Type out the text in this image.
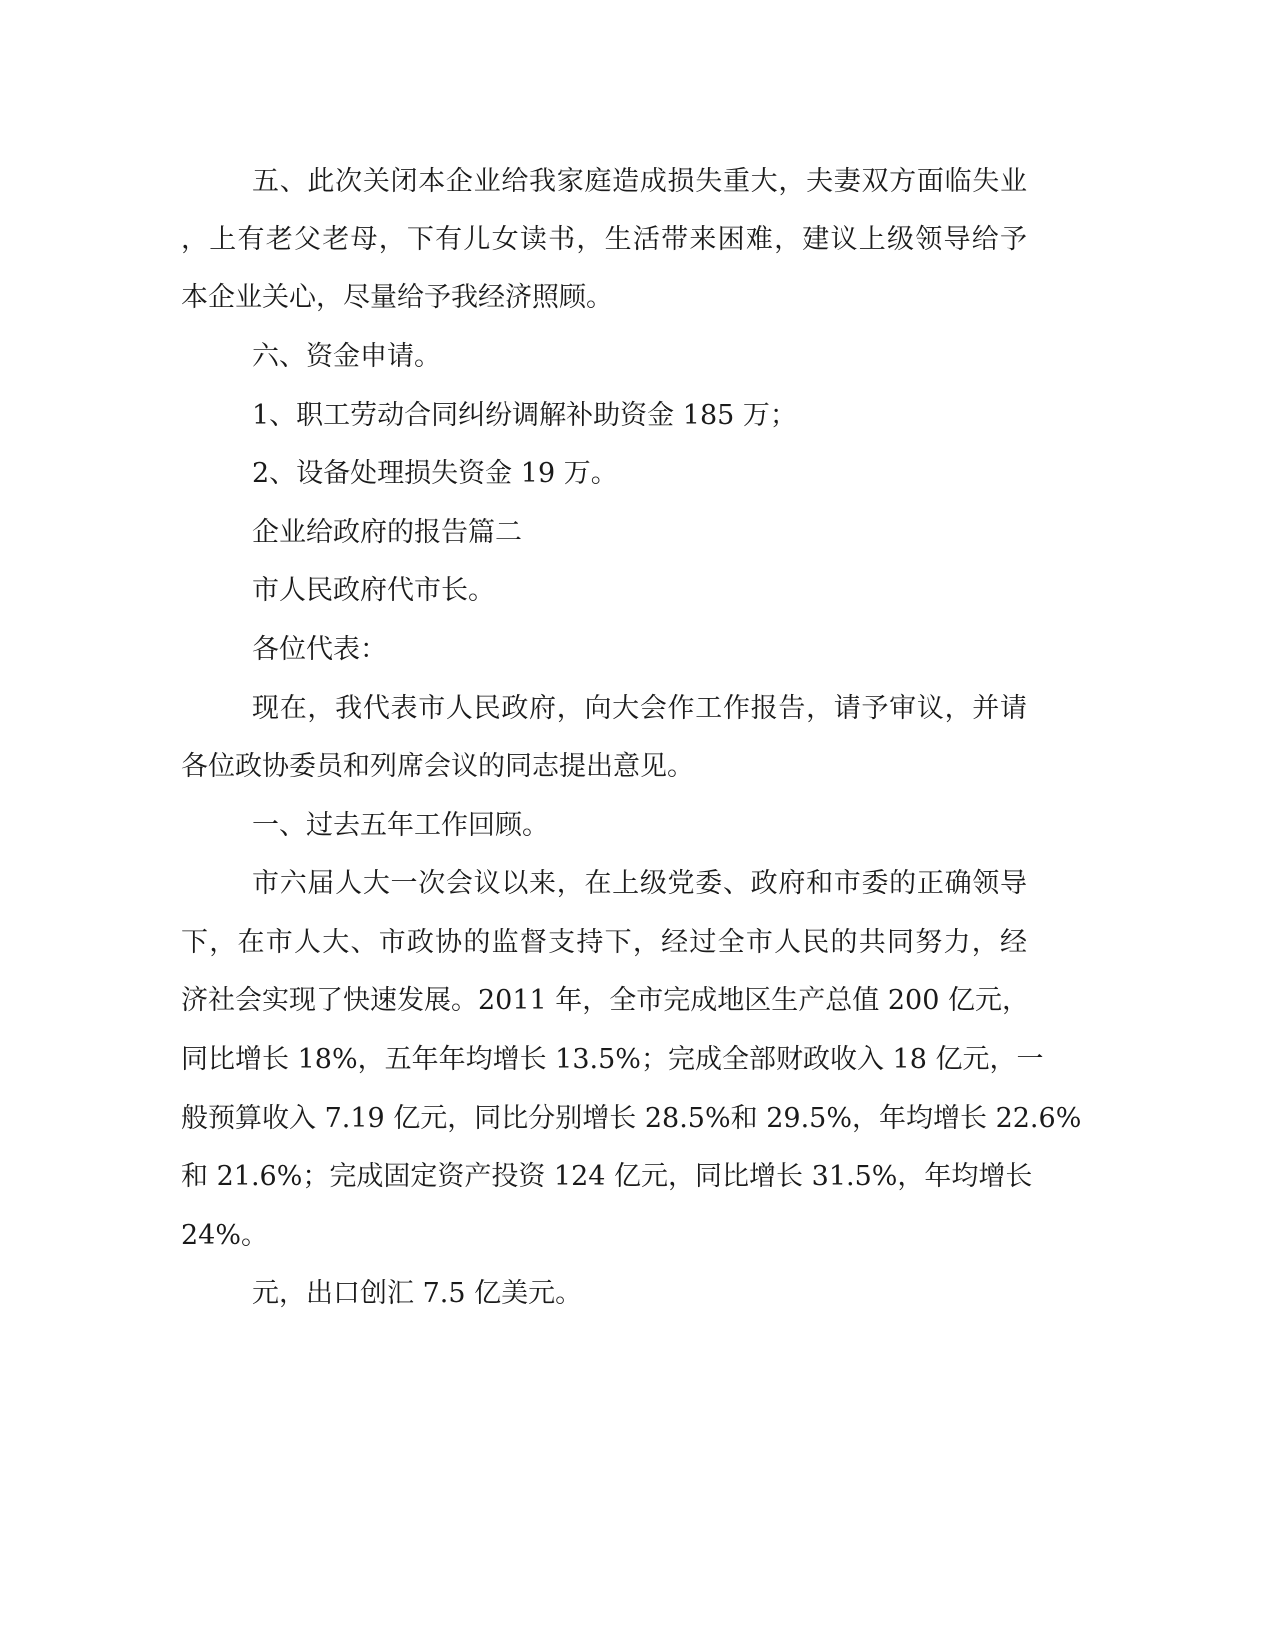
五、此次关闭本企业给我家庭造成损失重大，夫妻双方面临失业
，上有老父老母，下有儿女读书，生活带来困难，建议上级领导给予
本企业关心，尽量给予我经济照顾。
六、资金申请。
1、职工劳动合同纠纷调解补助资金 185 万；
2、设备处理损失资金 19 万。
企业给政府的报告篇二
市人民政府代市长。
各位代表：
现在，我代表市人民政府，向大会作工作报告，请予审议，并请
各位政协委员和列席会议的同志提出意见。
一、过去五年工作回顾。
市六届人大一次会议以来，在上级党委、政府和市委的正确领导
下，在市人大、市政协的监督支持下，经过全市人民的共同努力，经
济社会实现了快速发展。2011 年，全市完成地区生产总值 200 亿元，
同比增长 18%，五年年均增长 13.5%；完成全部财政收入 18 亿元，一
般预算收入 7.19 亿元，同比分别增长 28.5%和 29.5%，年均增长 22.6%
和 21.6%；完成固定资产投资 124 亿元，同比增长 31.5%，年均增长
24%。
元，出口创汇 7.5 亿美元。
